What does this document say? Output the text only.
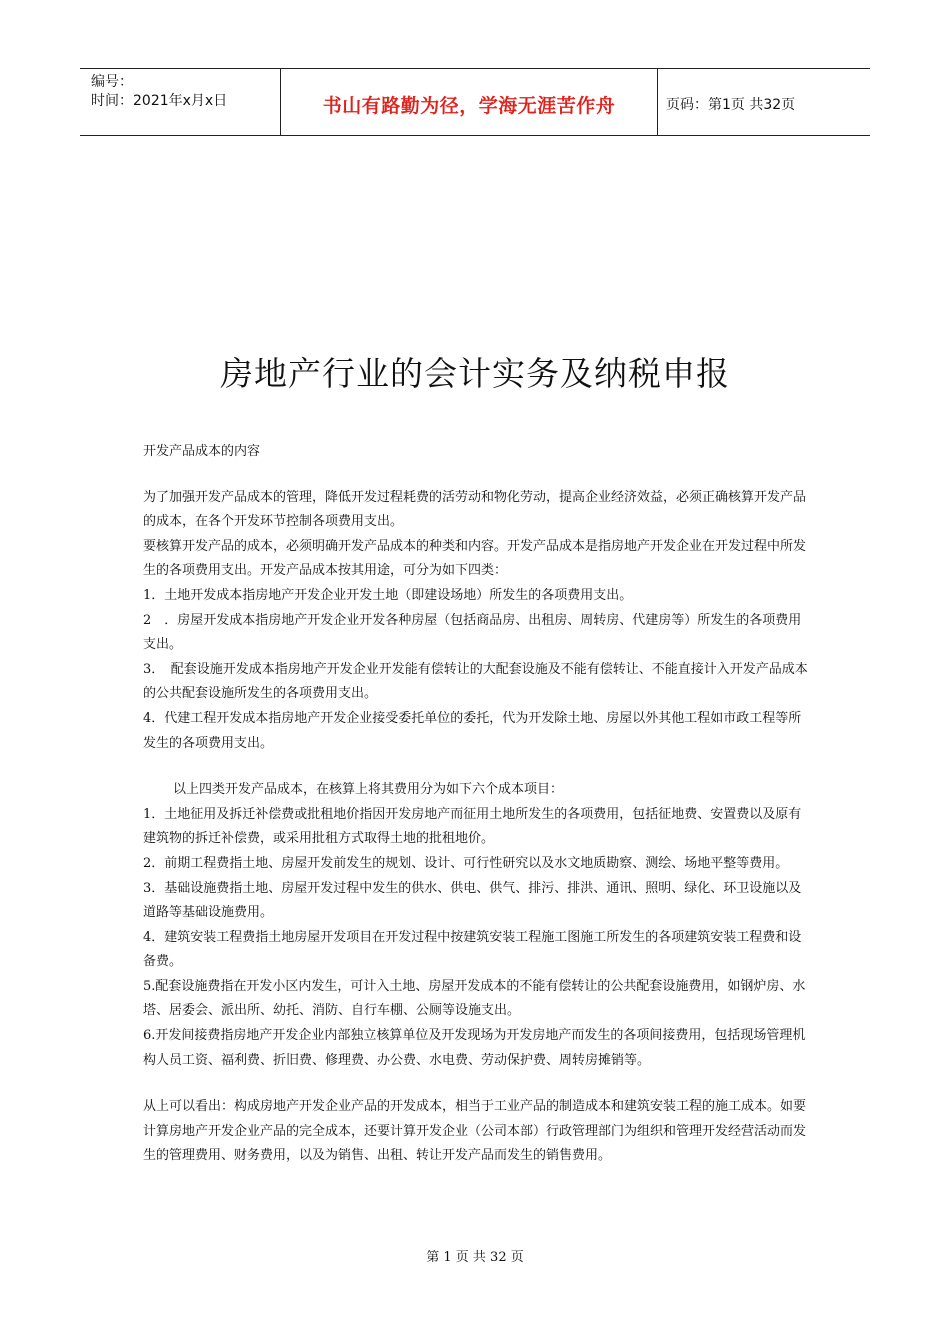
编号：
时间：2021年x月x日	书山有路勤为径，学海无涯苦作舟	页码：第1页 共32页
房地产行业的会计实务及纳税申报

开发产品成本的内容

为了加强开发产品成本的管理，降低开发过程耗费的活劳动和物化劳动，提高企业经济效益，必须正确核算开发产品的成本，在各个开发环节控制各项费用支出。

要核算开发产品的成本，必须明确开发产品成本的种类和内容。开发产品成本是指房地产开发企业在开发过程中所发生的各项费用支出。开发产品成本按其用途，可分为如下四类：

1．土地开发成本指房地产开发企业开发土地（即建设场地）所发生的各项费用支出。

2　．房屋开发成本指房地产开发企业开发各种房屋（包括商品房、出租房、周转房、代建房等）所发生的各项费用支出。

3．　配套设施开发成本指房地产开发企业开发能有偿转让的大配套设施及不能有偿转让、不能直接计入开发产品成本的公共配套设施所发生的各项费用支出。

4．代建工程开发成本指房地产开发企业接受委托单位的委托，代为开发除土地、房屋以外其他工程如市政工程等所发生的各项费用支出。

以上四类开发产品成本，在核算上将其费用分为如下六个成本项目：

1．土地征用及拆迁补偿费或批租地价指因开发房地产而征用土地所发生的各项费用，包括征地费、安置费以及原有建筑物的拆迁补偿费，或采用批租方式取得土地的批租地价。

2．前期工程费指土地、房屋开发前发生的规划、设计、可行性研究以及水文地质勘察、测绘、场地平整等费用。

3．基础设施费指土地、房屋开发过程中发生的供水、供电、供气、排污、排洪、通讯、照明、绿化、环卫设施以及道路等基础设施费用。

4．建筑安装工程费指土地房屋开发项目在开发过程中按建筑安装工程施工图施工所发生的各项建筑安装工程费和设备费。

5.配套设施费指在开发小区内发生，可计入土地、房屋开发成本的不能有偿转让的公共配套设施费用，如钢炉房、水塔、居委会、派出所、幼托、消防、自行车棚、公厕等设施支出。

6.开发间接费指房地产开发企业内部独立核算单位及开发现场为开发房地产而发生的各项间接费用，包括现场管理机构人员工资、福利费、折旧费、修理费、办公费、水电费、劳动保护费、周转房摊销等。

从上可以看出：构成房地产开发企业产品的开发成本，相当于工业产品的制造成本和建筑安装工程的施工成本。如要计算房地产开发企业产品的完全成本，还要计算开发企业（公司本部）行政管理部门为组织和管理开发经营活动而发生的管理费用、财务费用，以及为销售、出租、转让开发产品而发生的销售费用。

第 1 页 共 32 页
